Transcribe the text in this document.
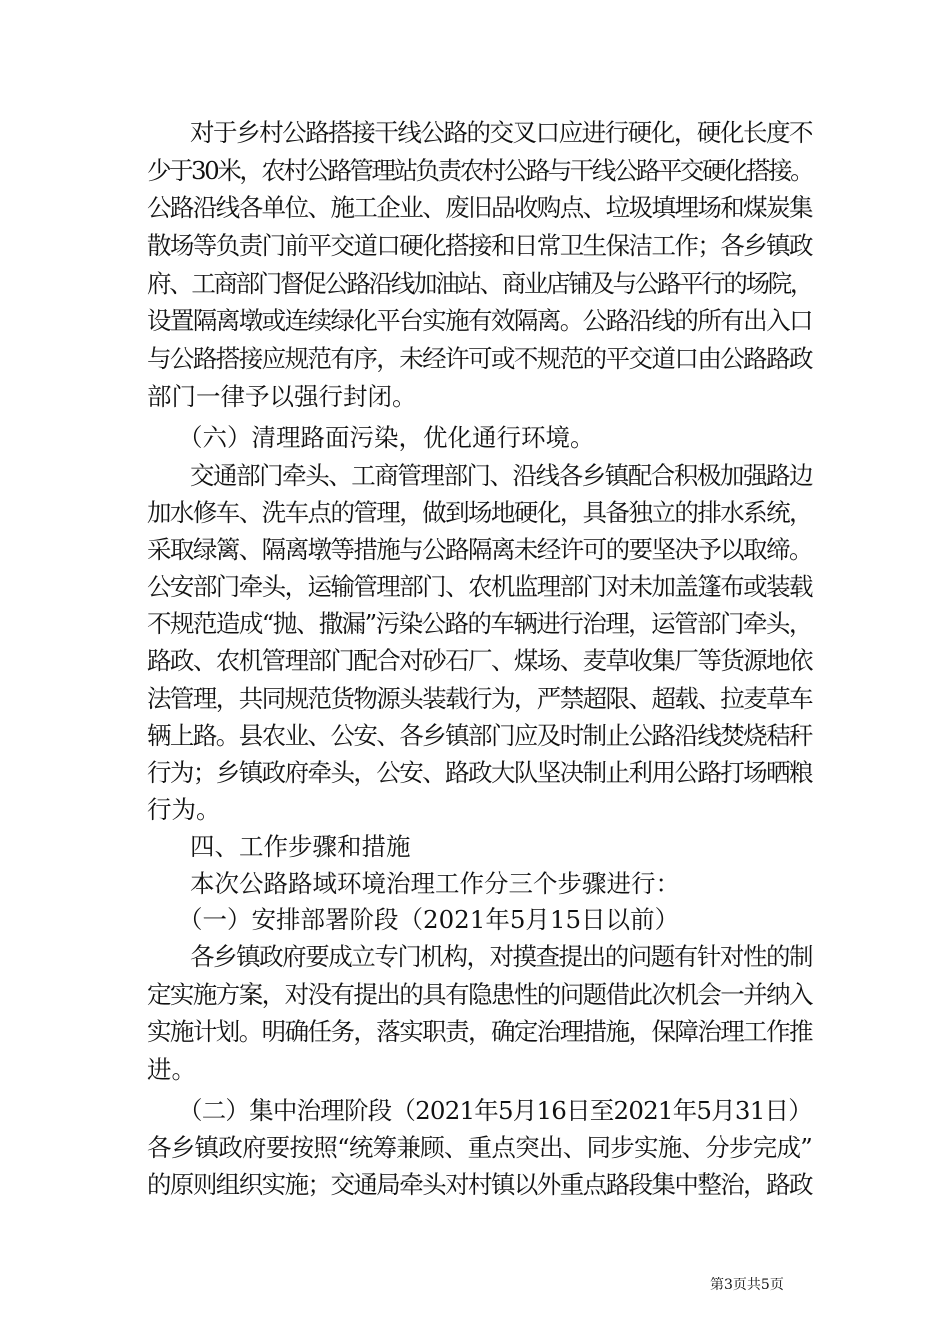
对于乡村公路搭接干线公路的交叉口应进行硬化，硬化长度不
少于30米，农村公路管理站负责农村公路与干线公路平交硬化搭接。
公路沿线各单位、施工企业、废旧品收购点、垃圾填埋场和煤炭集
散场等负责门前平交道口硬化搭接和日常卫生保洁工作；各乡镇政
府、工商部门督促公路沿线加油站、商业店铺及与公路平行的场院，
设置隔离墩或连续绿化平台实施有效隔离。公路沿线的所有出入口
与公路搭接应规范有序，未经许可或不规范的平交道口由公路路政
部门一律予以强行封闭。
（六）清理路面污染，优化通行环境。
交通部门牵头、工商管理部门、沿线各乡镇配合积极加强路边
加水修车、洗车点的管理，做到场地硬化，具备独立的排水系统，
采取绿篱、隔离墩等措施与公路隔离未经许可的要坚决予以取缔。
公安部门牵头，运输管理部门、农机监理部门对未加盖篷布或装载
不规范造成“抛、撒漏”污染公路的车辆进行治理，运管部门牵头，
路政、农机管理部门配合对砂石厂、煤场、麦草收集厂等货源地依
法管理，共同规范货物源头装载行为，严禁超限、超载、拉麦草车
辆上路。县农业、公安、各乡镇部门应及时制止公路沿线焚烧秸秆
行为；乡镇政府牵头，公安、路政大队坚决制止利用公路打场晒粮
行为。
四、工作步骤和措施
本次公路路域环境治理工作分三个步骤进行：
（一）安排部署阶段（2021年5月15日以前）
各乡镇政府要成立专门机构，对摸查提出的问题有针对性的制
定实施方案，对没有提出的具有隐患性的问题借此次机会一并纳入
实施计划。明确任务，落实职责，确定治理措施，保障治理工作推
进。
（二）集中治理阶段（2021年5月16日至2021年5月31日）
各乡镇政府要按照“统筹兼顾、重点突出、同步实施、分步完成”
的原则组织实施；交通局牵头对村镇以外重点路段集中整治，路政
第3页共5页
